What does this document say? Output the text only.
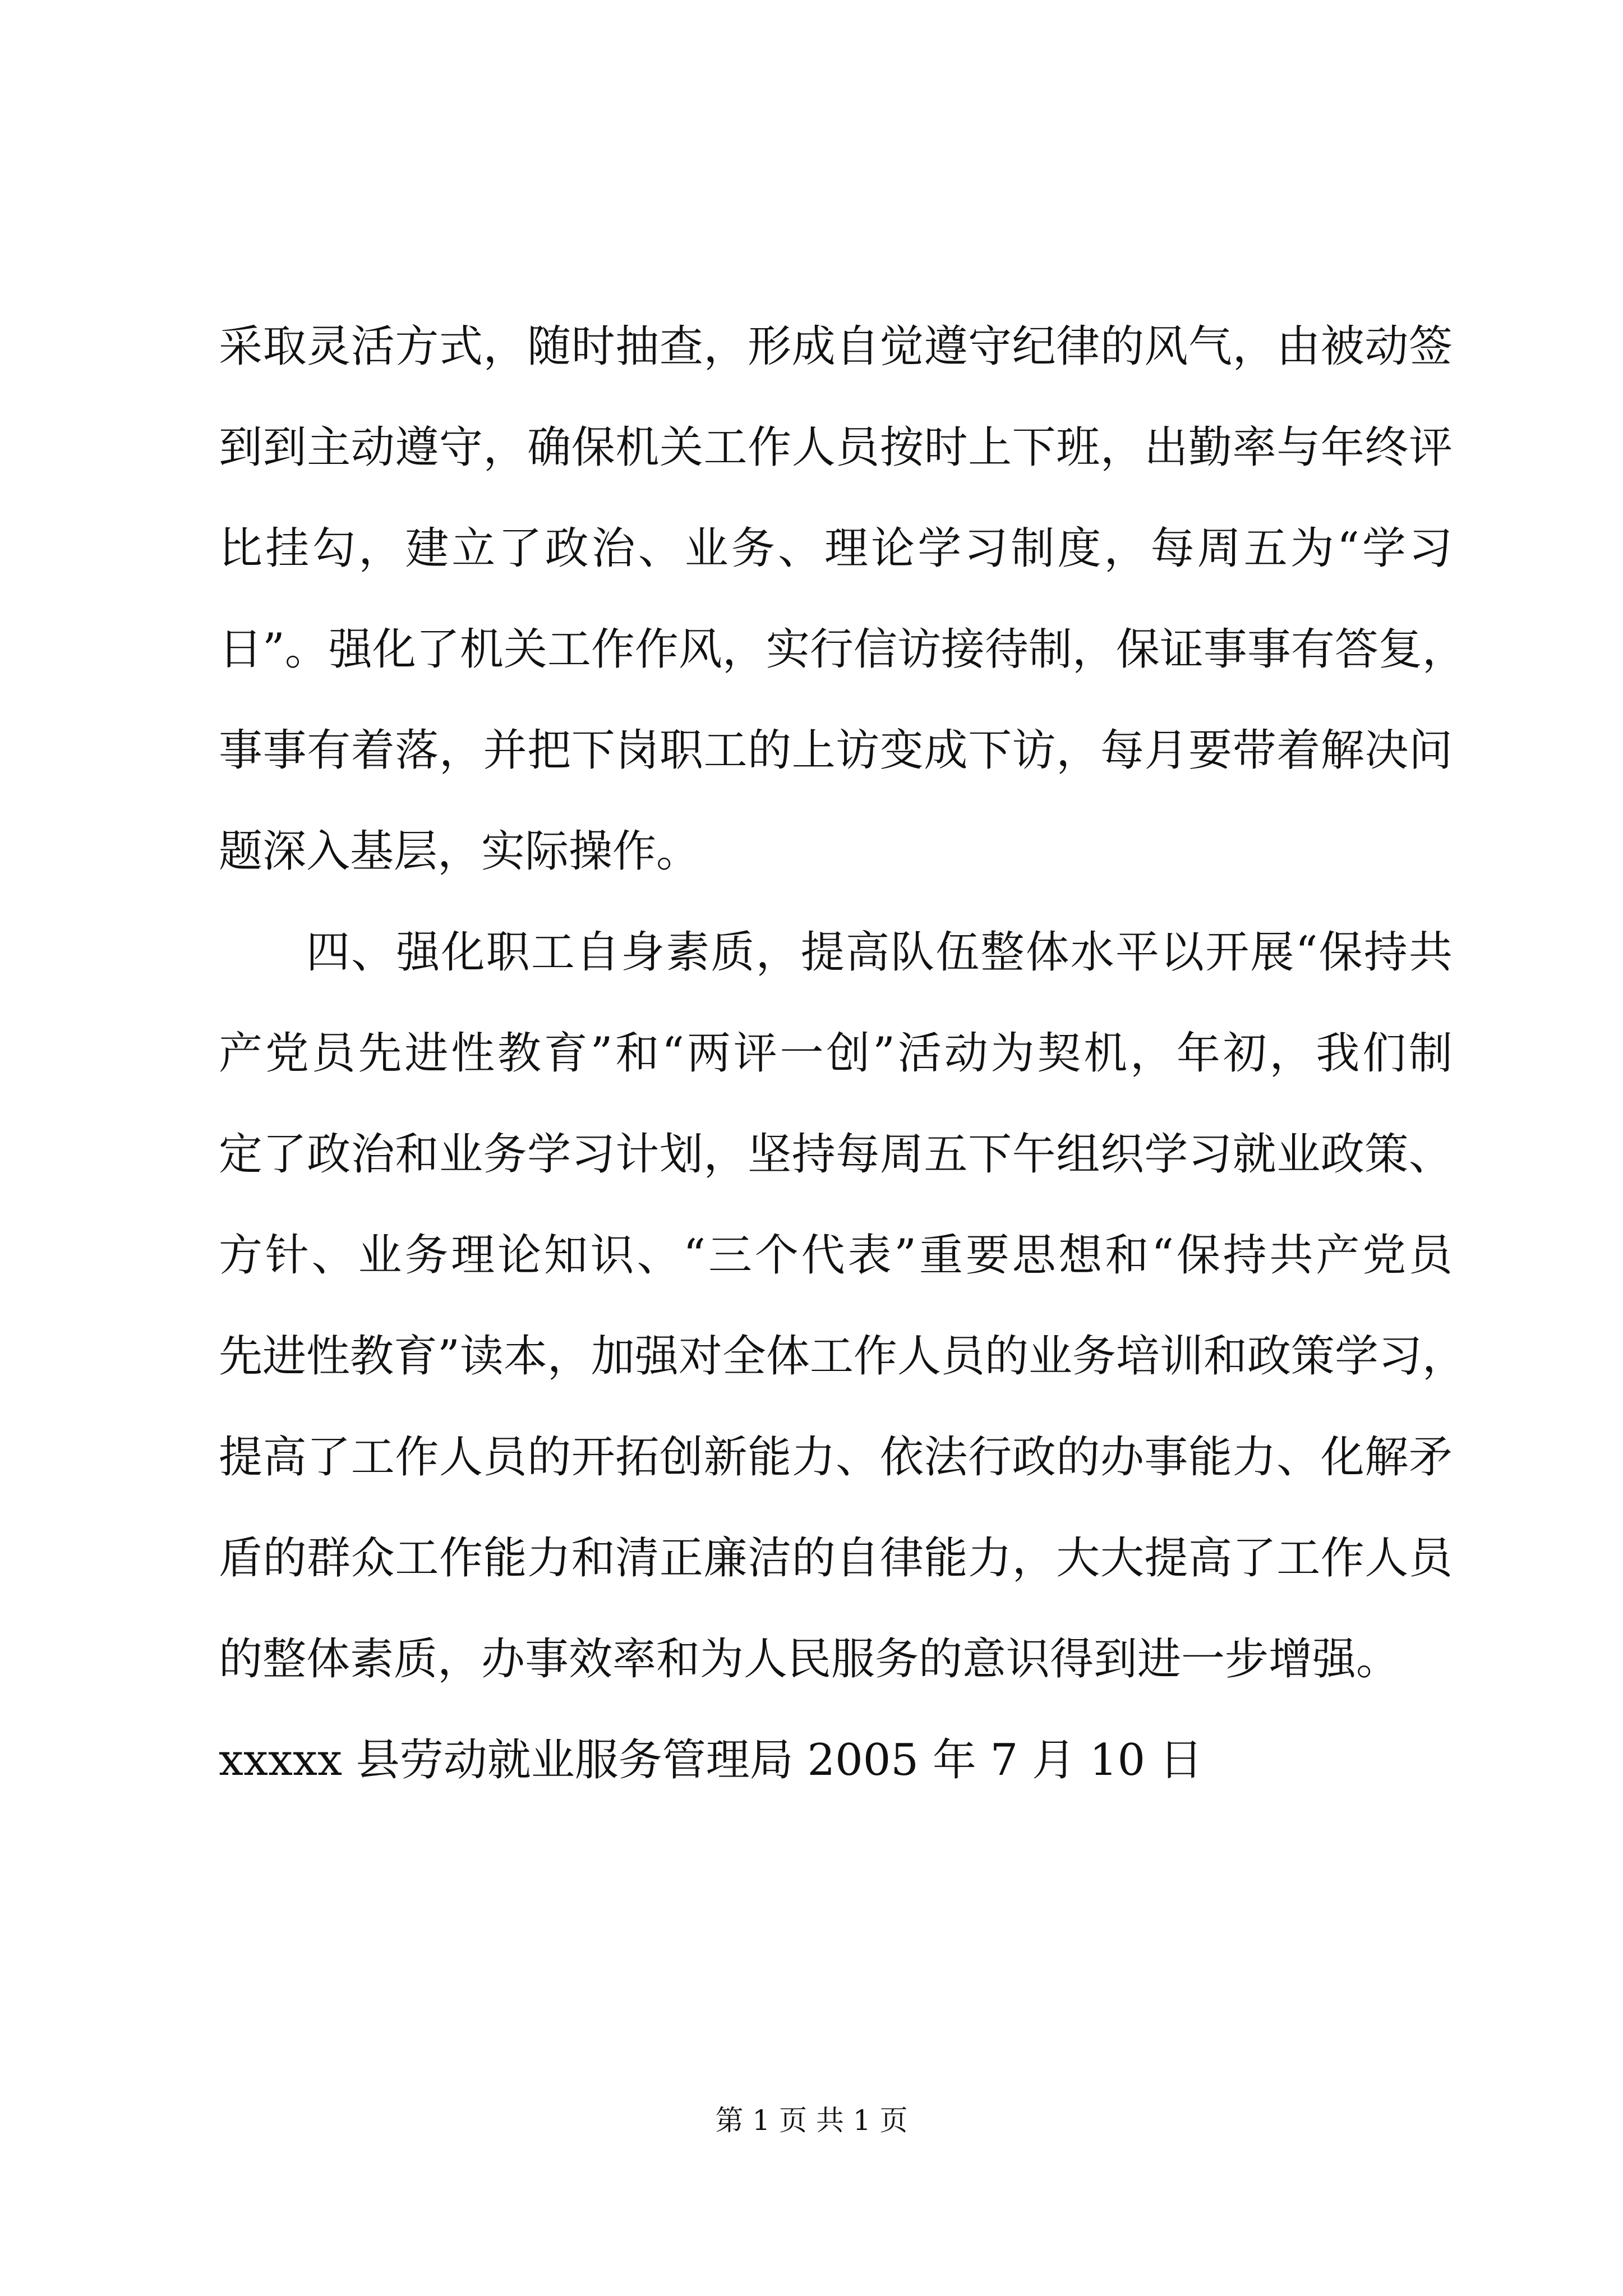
采取灵活方式，随时抽查，形成自觉遵守纪律的风气，由被动签
到到主动遵守，确保机关工作人员按时上下班，出勤率与年终评
比挂勾，建立了政治、业务、理论学习制度，每周五为“学习
日”。强化了机关工作作风，实行信访接待制，保证事事有答复，
事事有着落，并把下岗职工的上访变成下访，每月要带着解决问
题深入基层，实际操作。
四、强化职工自身素质，提高队伍整体水平以开展“保持共
产党员先进性教育”和“两评一创”活动为契机，年初，我们制
定了政治和业务学习计划，坚持每周五下午组织学习就业政策、
方针、业务理论知识、“三个代表”重要思想和“保持共产党员
先进性教育”读本，加强对全体工作人员的业务培训和政策学习，
提高了工作人员的开拓创新能力、依法行政的办事能力、化解矛
盾的群众工作能力和清正廉洁的自律能力，大大提高了工作人员
的整体素质，办事效率和为人民服务的意识得到进一步增强。
xxxxx 县劳动就业服务管理局 2005 年 7 月 10 日
第 1 页 共 1 页
